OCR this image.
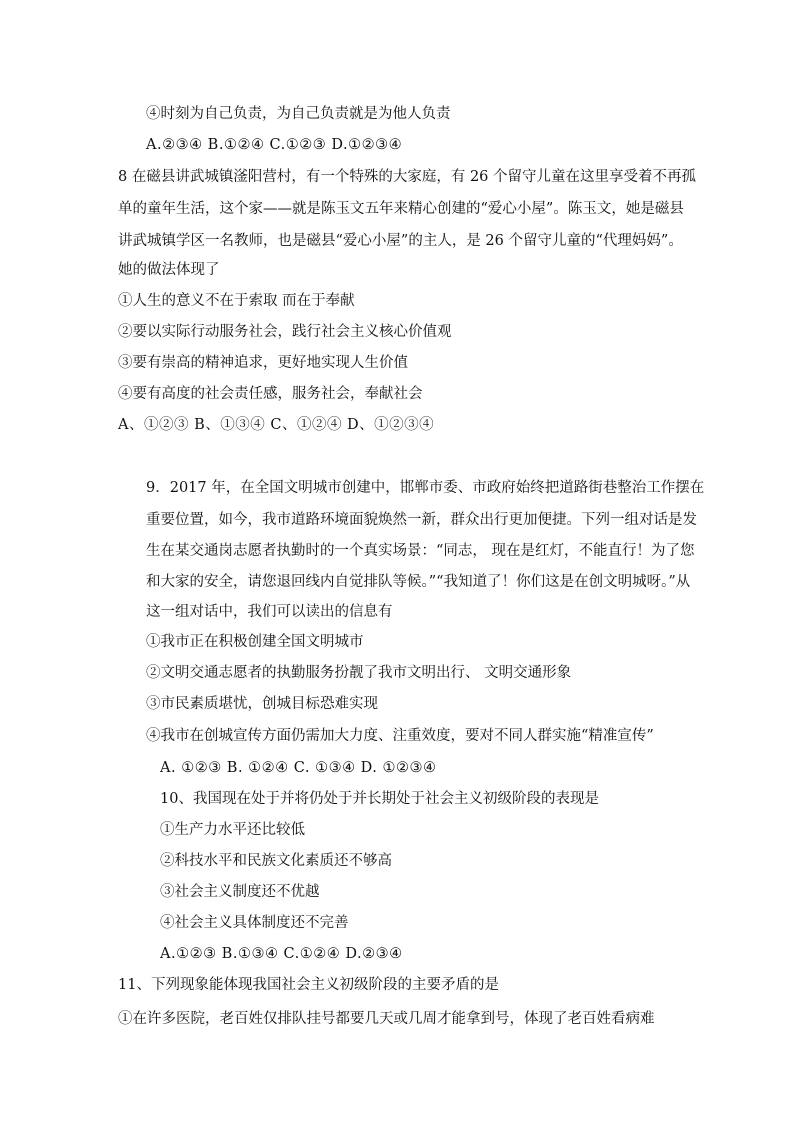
④时刻为自己负责，为自己负责就是为他人负责
A.②③④ B.①②④ C.①②③ D.①②③④
8 在磁县讲武城镇滏阳营村，有一个特殊的大家庭，有 26 个留守儿童在这里享受着不再孤
单的童年生活，这个家——就是陈玉文五年来精心创建的“爱心小屋”。陈玉文，她是磁县
讲武城镇学区一名教师，也是磁县“爱心小屋”的主人，是 26 个留守儿童的“代理妈妈”。
她的做法体现了
①人生的意义不在于索取 而在于奉献
②要以实际行动服务社会，践行社会主义核心价值观
③要有崇高的精神追求，更好地实现人生价值
④要有高度的社会责任感，服务社会，奉献社会
A、①②③ B、①③④ C、①②④ D、①②③④
9．2017 年，在全国文明城市创建中，邯郸市委、市政府始终把道路街巷整治工作摆在
重要位置，如今，我市道路环境面貌焕然一新，群众出行更加便捷。下列一组对话是发
生在某交通岗志愿者执勤时的一个真实场景：“同志， 现在是红灯，不能直行！为了您
和大家的安全，请您退回线内自觉排队等候。”“我知道了！你们这是在创文明城呀。”从
这一组对话中，我们可以读出的信息有
①我市正在积极创建全国文明城市
②文明交通志愿者的执勤服务扮靓了我市文明出行、 文明交通形象
③市民素质堪忧，创城目标恐难实现
④我市在创城宣传方面仍需加大力度、注重效度，要对不同人群实施“精准宣传”
A. ①②③ B. ①②④ C. ①③④ D. ①②③④
10、我国现在处于并将仍处于并长期处于社会主义初级阶段的表现是
①生产力水平还比较低
②科技水平和民族文化素质还不够高
③社会主义制度还不优越
④社会主义具体制度还不完善
A.①②③ B.①③④ C.①②④ D.②③④
11、下列现象能体现我国社会主义初级阶段的主要矛盾的是
①在许多医院，老百姓仅排队挂号都要几天或几周才能拿到号，体现了老百姓看病难
